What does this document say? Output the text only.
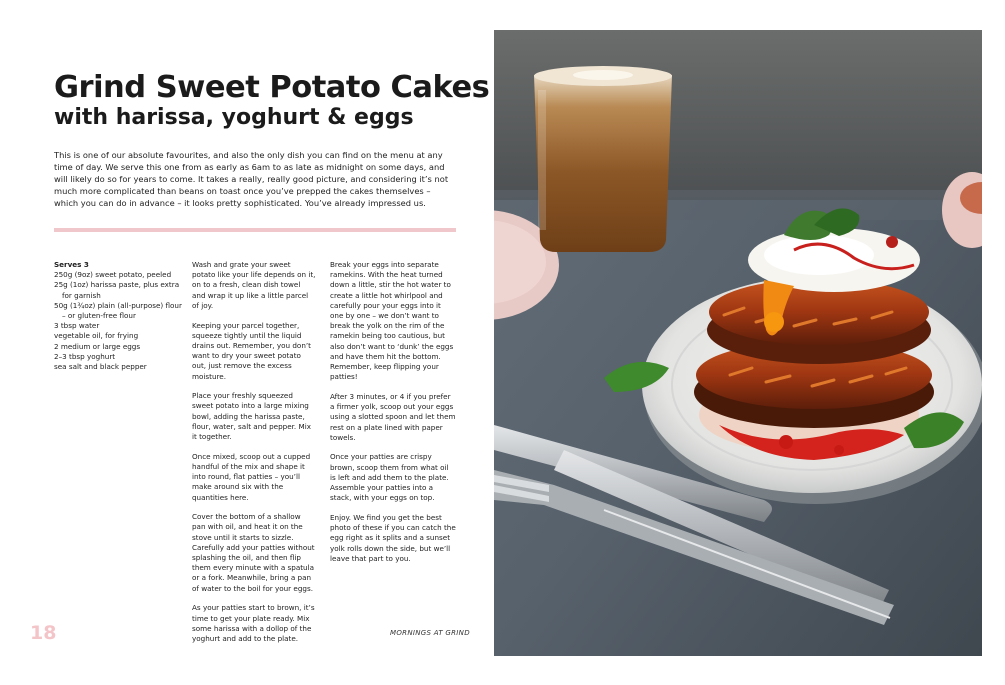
Grind Sweet Potato Cakes
with harissa, yoghurt & eggs

This is one of our absolute favourites, and also the only dish you can find on the menu at any time of day. We serve this one from as early as 6am to as late as midnight on some days, and will likely do so for years to come. It takes a really, really good picture, and considering it’s not much more complicated than beans on toast once you’ve prepped the cakes themselves – which you can do in advance – it looks pretty sophisticated. You’ve already impressed us.

Serves 3
250g (9oz) sweet potato, peeled
25g (1oz) harissa paste, plus extra
for garnish
50g (1¾oz) plain (all-purpose) flour
– or gluten-free flour
3 tbsp water
vegetable oil, for frying
2 medium or large eggs
2–3 tbsp yoghurt
sea salt and black pepper

Wash and grate your sweet potato like your life depends on it, on to a fresh, clean dish towel and wrap it up like a little parcel of joy.

Keeping your parcel together, squeeze tightly until the liquid drains out. Remember, you don’t want to dry your sweet potato out, just remove the excess moisture.

Place your freshly squeezed sweet potato into a large mixing bowl, adding the harissa paste, flour, water, salt and pepper. Mix it together.

Once mixed, scoop out a cupped handful of the mix and shape it into round, flat patties – you’ll make around six with the quantities here.

Cover the bottom of a shallow pan with oil, and heat it on the stove until it starts to sizzle. Carefully add your patties without splashing the oil, and then flip them every minute with a spatula or a fork. Meanwhile, bring a pan of water to the boil for your eggs.

As your patties start to brown, it’s time to get your plate ready. Mix some harissa with a dollop of the yoghurt and add to the plate.

Break your eggs into separate ramekins. With the heat turned down a little, stir the hot water to create a little hot whirlpool and carefully pour your eggs into it one by one – we don’t want to break the yolk on the rim of the ramekin being too cautious, but also don’t want to ‘dunk’ the eggs and have them hit the bottom. Remember, keep flipping your patties!

After 3 minutes, or 4 if you prefer a firmer yolk, scoop out your eggs using a slotted spoon and let them rest on a plate lined with paper towels.

Once your patties are crispy brown, scoop them from what oil is left and add them to the plate. Assemble your patties into a stack, with your eggs on top.

Enjoy. We find you get the best photo of these if you can catch the egg right as it splits and a sunset yolk rolls down the side, but we’ll leave that part to you.

18	MORNINGS AT GRIND
